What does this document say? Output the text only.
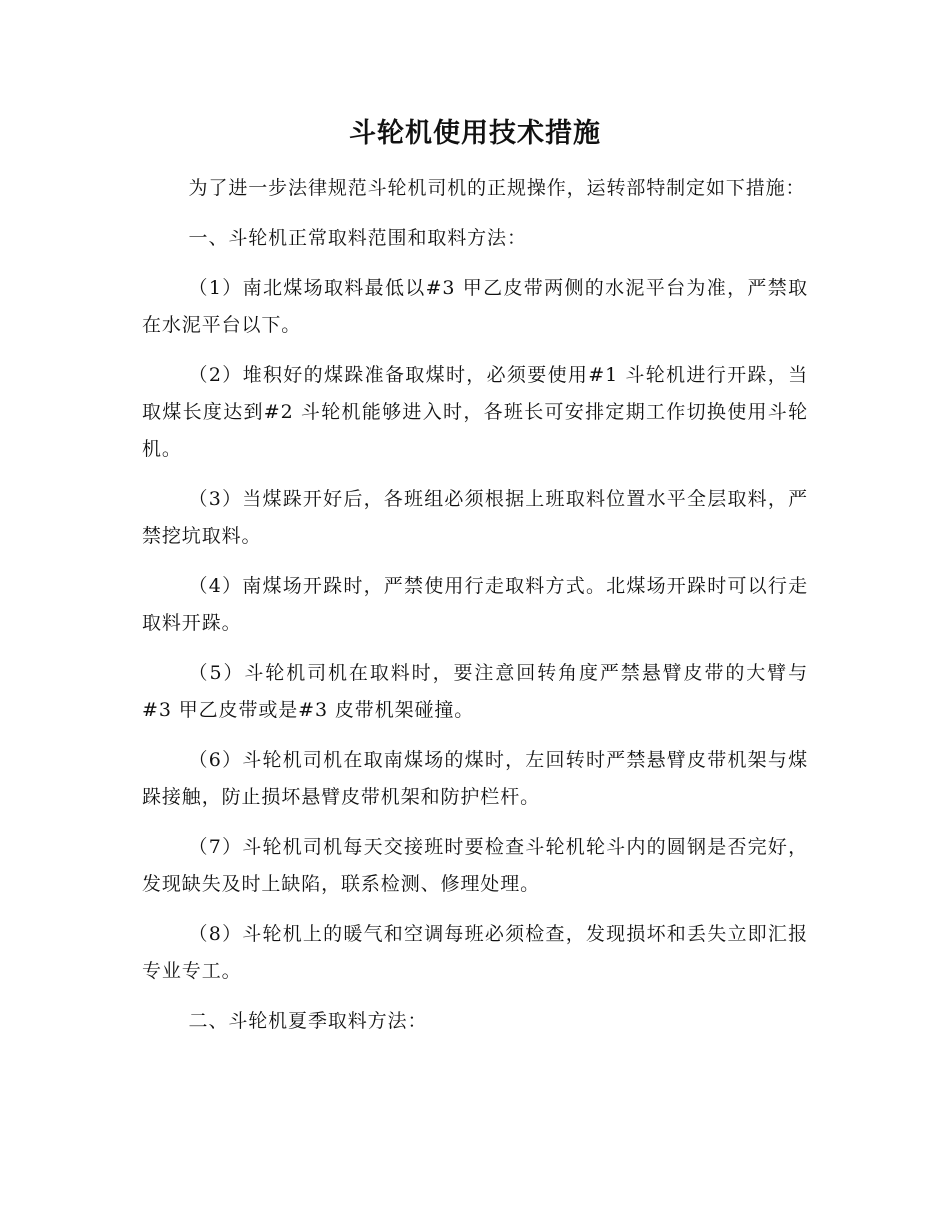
斗轮机使用技术措施

为了进一步法律规范斗轮机司机的正规操作，运转部特制定如下措施：

一、斗轮机正常取料范围和取料方法：

（1）南北煤场取料最低以#3 甲乙皮带两侧的水泥平台为准，严禁取在水泥平台以下。

（2）堆积好的煤跺准备取煤时，必须要使用#1 斗轮机进行开跺，当取煤长度达到#2 斗轮机能够进入时，各班长可安排定期工作切换使用斗轮机。

（3）当煤跺开好后，各班组必须根据上班取料位置水平全层取料，严禁挖坑取料。

（4）南煤场开跺时，严禁使用行走取料方式。北煤场开跺时可以行走取料开跺。

（5）斗轮机司机在取料时，要注意回转角度严禁悬臂皮带的大臂与#3 甲乙皮带或是#3 皮带机架碰撞。

（6）斗轮机司机在取南煤场的煤时，左回转时严禁悬臂皮带机架与煤跺接触，防止损坏悬臂皮带机架和防护栏杆。

（7）斗轮机司机每天交接班时要检查斗轮机轮斗内的圆钢是否完好，发现缺失及时上缺陷，联系检测、修理处理。

（8）斗轮机上的暖气和空调每班必须检查，发现损坏和丢失立即汇报专业专工。

二、斗轮机夏季取料方法：
